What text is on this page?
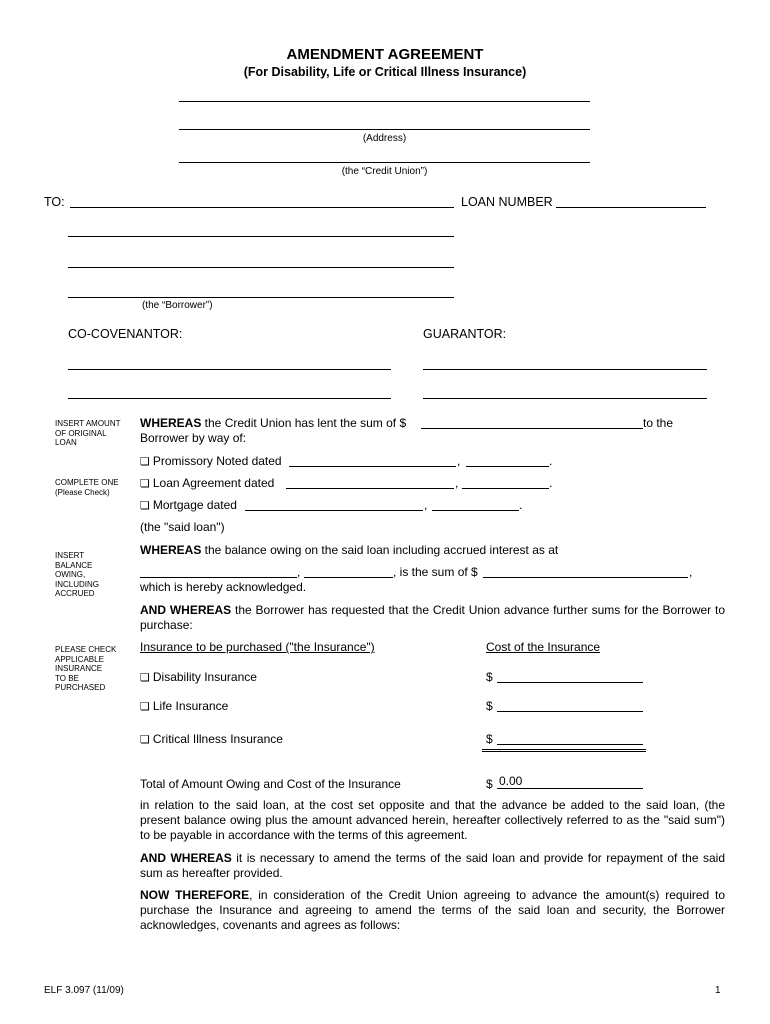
AMENDMENT AGREEMENT
(For Disability, Life or Critical Illness Insurance)
(Address)
(the “Credit Union”)
TO:	LOAN NUMBER
(the “Borrower”)
CO-COVENANTOR:	GUARANTOR:
INSERT AMOUNT
OF ORIGINAL
LOAN
COMPLETE ONE
(Please Check)
INSERT
BALANCE
OWING,
INCLUDING
ACCRUED
PLEASE CHECK
APPLICABLE
INSURANCE
TO BE
PURCHASED
WHEREAS the Credit Union has lent the sum of $	to the
Borrower by way of:
❏ Promissory Noted dated	,	.
❏ Loan Agreement dated	,	.
❏ Mortgage dated	,	.
(the "said loan")
WHEREAS the balance owing on the said loan including accrued interest as at
,	, is the sum of $	,
which is hereby acknowledged.
AND WHEREAS the Borrower has requested that the Credit Union advance further sums for the Borrower to purchase:
Insurance to be purchased ("the Insurance")	Cost of the Insurance
❏ Disability Insurance	$
❏ Life Insurance	$
❏ Critical Illness Insurance	$
Total of Amount Owing and Cost of the Insurance	$ 0.00
in relation to the said loan, at the cost set opposite and that the advance be added to the said loan, (the present balance owing plus the amount advanced herein, hereafter collectively referred to as the "said sum") to be payable in accordance with the terms of this agreement.
AND WHEREAS it is necessary to amend the terms of the said loan and provide for repayment of the said sum as hereafter provided.
NOW THEREFORE, in consideration of the Credit Union agreeing to advance the amount(s) required to purchase the Insurance and agreeing to amend the terms of the said loan and security, the Borrower acknowledges, covenants and agrees as follows:
ELF 3.097 (11/09)	1
